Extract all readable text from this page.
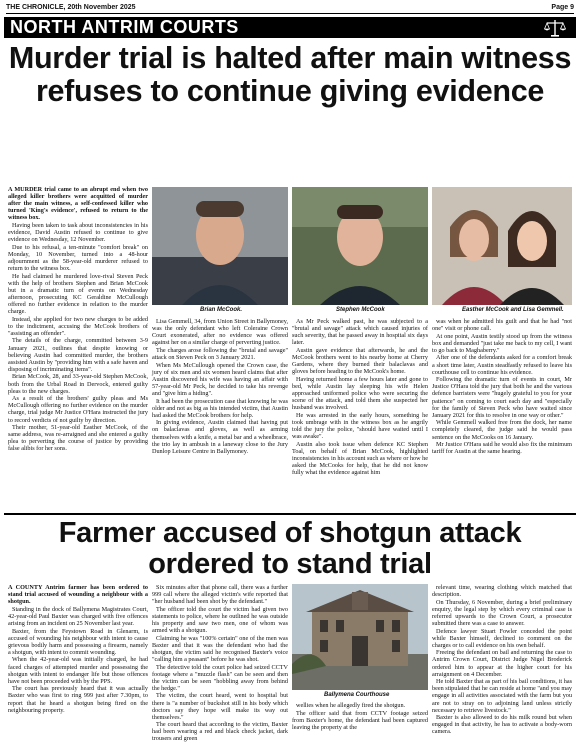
THE CHRONICLE, 20th November 2025	Page 9
NORTH ANTRIM COURTS
Murder trial is halted after main witness refuses to continue giving evidence

A MURDER trial came to an abrupt end when two alleged killer brothers were acquitted of murder after the main witness, a self-confessed killer who turned 'King's evidence', refused to return to the witness box.

Having been taken to task about inconsistencies in his evidence, David Austin refused to continue to give evidence on Wednesday, 12 November.

Due to his refusal, a ten-minute "comfort break" on Monday, 10 November, turned into a 48-hour adjournment as the 58-year-old murderer refused to return to the witness box.

He had claimed he murdered love-rival Steven Peck with the help of brothers Stephen and Brian McCook but in a dramatic turn of events on Wednesday afternoon, prosecuting KC Geraldine McCullough offered no further evidence in relation to the murder charge.

Instead, she applied for two new charges to be added to the indictment, accusing the McCook brothers of "assisting an offender".

The details of the charge, committed between 3-9 January 2021, outlines that despite knowing or believing Austin had committed murder, the brothers assisted Austin by "providing him with a safe haven and disposing of incriminating items".

Brian McCook, 28, and 33-year-old Stephen McCook, both from the Urbal Road in Dervock, entered guilty pleas to the new charges.

As a result of the brothers' guilty pleas and Ms McCullough offering no further evidence on the murder charge, trial judge Mr Justice O'Hara instructed the jury to record verdicts of not guilty by direction.

Their mother, 51-year-old Easther McCook, of the same address, was re-arraigned and she entered a guilty plea to perverting the course of justice by providing false alibis for her sons.

Brian McCook.	Stephen McCook	Easther McCook and Lisa Gemmell.

Lisa Gemmell, 34, from Union Street in Ballymoney, was the only defendant who left Coleraine Crown Court exonerated, after no evidence was offered against her on a similar charge of perverting justice.

The charges arose following the "brutal and savage" attack on Steven Peck on 3 January 2021.

When Ms McCullough opened the Crown case, the jury of six men and six women heard claims that after Austin discovered his wife was having an affair with 57-year-old Mr Peck, he decided to take his revenge and "give him a hiding".

It had been the prosecution case that knowing he was older and not as big as his intended victim, that Austin had asked the McCook brothers for help.

In giving evidence, Austin claimed that having put on balaclavas and gloves, as well as arming themselves with a knife, a metal bar and a wheelbrace, the trio lay in ambush in a laneway close to the Jury Dunlop Leisure Centre in Ballymoney.

As Mr Peck walked past, he was subjected to a "brutal and savage" attack which caused injuries of such severity, that he passed away in hospital six days later.

Austin gave evidence that afterwards, he and the McCook brothers went to his nearby home at Cherry Gardens, where they burned their balaclavas and gloves before heading to the McCook's home.

Having returned home a few hours later and gone to bed, while Austin lay sleeping his wife Helen approached uniformed police who were securing the scene of the attack, and told them she suspected her husband was involved.

He was arrested in the early hours, something he took umbrage with in the witness box as he angrily told the jury the police, "should have waited until I was awake".

Austin also took issue when defence KC Stephen Toal, on behalf of Brian McCook, highlighted inconsistencies in his account such as where or how he asked the McCooks for help, that he did not know fully what the evidence against him

was when he admitted his guilt and that he had "not one" visit or phone call.

At one point, Austin testily stood up from the witness box and demanded "just take me back to my cell, I want to go back to Maghaberry."

After one of the defendants asked for a comfort break a short time later, Austin steadfastly refused to leave his courthouse cell to continue his evidence.

Following the dramatic turn of events in court, Mr Justice O'Hara told the jury that both he and the various defence barristers were "hugely grateful to you for your patience" on coming to court each day and "especially for the family of Steven Peck who have waited since January 2021 for this to resolve in one way or other."

While Gemmell walked free from the dock, her name completely cleared, the judge said he would pass sentence on the McCooks on 16 January.

Mr Justice O'Hara said he would also fix the minimum tariff for Austin at the same hearing.

Farmer accused of shotgun attack ordered to stand trial

A COUNTY Antrim farmer has been ordered to stand trial accused of wounding a neighbour with a shotgun.

Standing in the dock of Ballymena Magistrates Court, 42-year-old Paul Baxter was charged with five offences arising from an incident on 25 November last year.

Baxter, from the Feystown Road in Glenarm, is accused of wounding his neighbour with intent to cause grievous bodily harm and possessing a firearm, namely a shotgun, with intent to commit wounding.

When the 42-year-old was initially charged, he had faced charges of attempted murder and possessing the shotgun with intent to endanger life but those offences have not been proceeded with by the PPS.

The court has previously heard that it was actually Baxter who was first to ring 999 just after 7.30pm, to report that he heard a shotgun being fired on the neighbouring property.

Six minutes after that phone call, there was a further 999 call where the alleged victim's wife reported that "her husband had been shot by the defendant."

The officer told the court the victim had given two statements to police, where he outlined he was outside his property and saw two men, one of whom was armed with a shotgun.

Claiming he was "100% certain" one of the men was Baxter and that it was the defendant who had the shotgun, the victim said he recognised Baxter's voice "calling him a peasant" before he was shot.

The detective told the court police had seized CCTV footage where a "muzzle flash" can be seen and then the victim can be seen "hobbling away from behind the hedge."

The victim, the court heard, went to hospital but there is "a number of buckshot still in his body which doctors say they hope will make its way out themselves."

The court heard that according to the victim, Baxter had been wearing a red and black check jacket, dark trousers and green

Ballymena Courthouse

wellies when he allegedly fired the shotgun.

The officer said that from CCTV footage seized from Baxter's home, the defendant had been captured leaving the property at the

relevant time, wearing clothing which matched that description.

On Thursday, 6 November, during a brief preliminary enquiry, the legal step by which every criminal case is referred upwards to the Crown Court, a prosecutor submitted there was a case to answer.

Defence lawyer Stuart Fowler conceded the point while Baxter himself, declined to comment on the charges or to call evidence on his own behalf.

Freeing the defendant on bail and returning the case to Antrim Crown Court, District Judge Nigel Broderick ordered him to appear at the higher court for his arraignment on 4 December.

He told Baxter that as part of his bail conditions, it has been stipulated that he can reside at home "and you may engage in all activities associated with the farm but you are not to stray on to adjoining land unless strictly necessary to retrieve livestock."

Baxter is also allowed to do his milk round but when engaged in that activity, he has to activate a body-worn camera.
